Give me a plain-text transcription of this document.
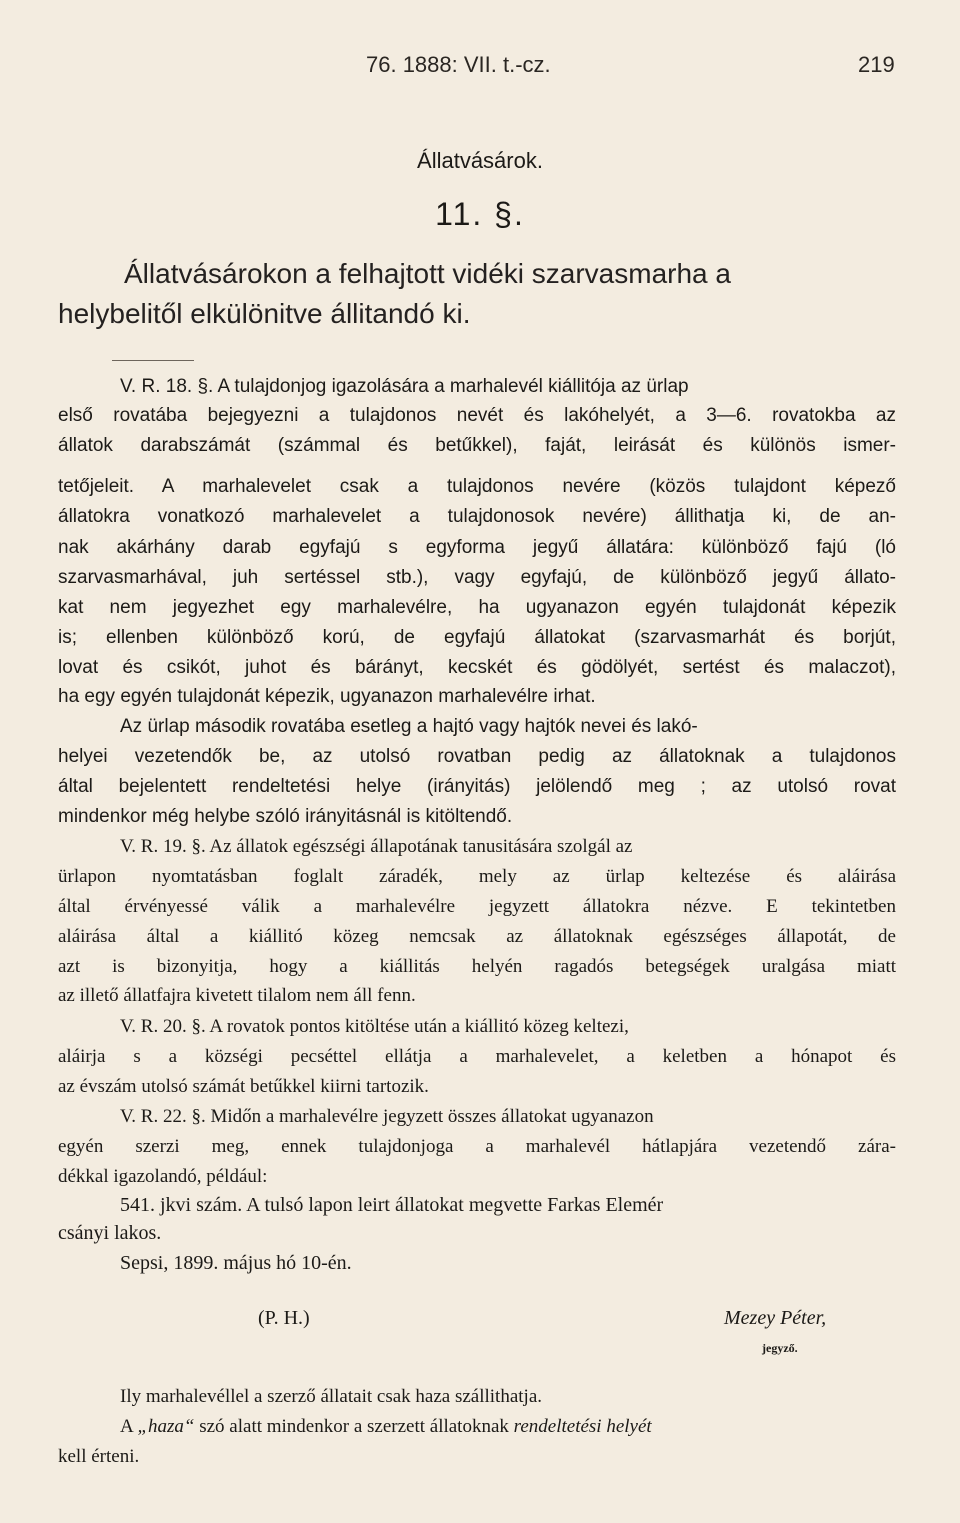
76. 1888: VII. t.-cz.	219
Állatvásárok.
11. §.
Állatvásárokon a felhajtott vidéki szarvasmarha a
helybelitől elkülönitve állitandó ki.
V. R. 18. §. A tulajdonjog igazolására a marhalevél kiállitója az ürlap
első rovatába bejegyezni a tulajdonos nevét és lakóhelyét, a 3—6. rovatokba az
állatok darabszámát (számmal és betűkkel), faját, leirását és különös ismer-
tetőjeleit. A marhalevelet csak a tulajdonos nevére (közös tulajdont képező
állatokra vonatkozó marhalevelet a tulajdonosok nevére) állithatja ki, de an-
nak akárhány darab egyfajú s egyforma jegyű állatára: különböző fajú (ló
szarvasmarhával, juh sertéssel stb.), vagy egyfajú, de különböző jegyű állato-
kat nem jegyezhet egy marhalevélre, ha ugyanazon egyén tulajdonát képezik
is; ellenben különböző korú, de egyfajú állatokat (szarvasmarhát és borjút,
lovat és csikót, juhot és bárányt, kecskét és gödölyét, sertést és malaczot),
ha egy egyén tulajdonát képezik, ugyanazon marhalevélre irhat.
Az ürlap második rovatába esetleg a hajtó vagy hajtók nevei és lakó-
helyei vezetendők be, az utolsó rovatban pedig az állatoknak a tulajdonos
által bejelentett rendeltetési helye (irányitás) jelölendő meg ; az utolsó rovat
mindenkor még helybe szóló irányitásnál is kitöltendő.
V. R. 19. §. Az állatok egészségi állapotának tanusitására szolgál az
ürlapon nyomtatásban foglalt záradék, mely az ürlap keltezése és aláirása
által érvényessé válik a marhalevélre jegyzett állatokra nézve. E tekintetben
aláirása által a kiállitó közeg nemcsak az állatoknak egészséges állapotát, de
azt is bizonyitja, hogy a kiállitás helyén ragadós betegségek uralgása miatt
az illető állatfajra kivetett tilalom nem áll fenn.
V. R. 20. §. A rovatok pontos kitöltése után a kiállitó közeg keltezi,
aláirja s a községi pecséttel ellátja a marhalevelet, a keletben a hónapot és
az évszám utolsó számát betűkkel kiirni tartozik.
V. R. 22. §. Midőn a marhalevélre jegyzett összes állatokat ugyanazon
egyén szerzi meg, ennek tulajdonjoga a marhalevél hátlapjára vezetendő zára-
dékkal igazolandó, például:
541. jkvi szám. A tulsó lapon leirt állatokat megvette Farkas Elemér
csányi lakos.
Sepsi, 1899. május hó 10-én.
(P. H.)	Mezey Péter,
jegyző.
Ily marhalevéllel a szerző állatait csak haza szállithatja.
A „haza“ szó alatt mindenkor a szerzett állatoknak rendeltetési helyét
kell érteni.
